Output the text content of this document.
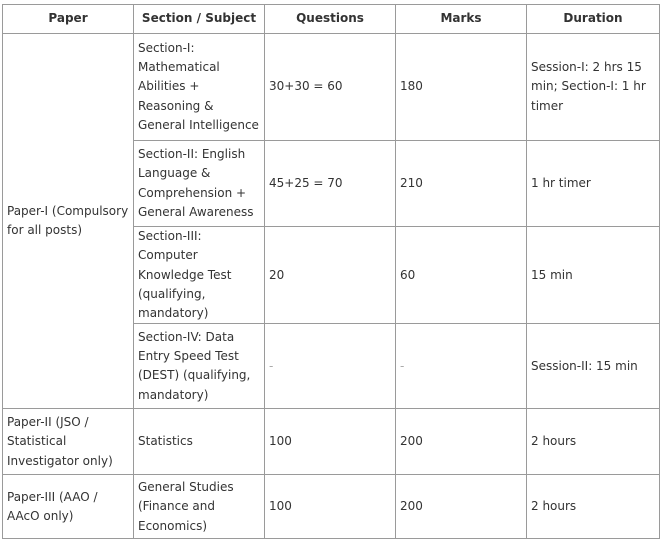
Paper	Section / Subject	Questions	Marks	Duration
Paper-I (Compulsory for all posts)	Section-I: Mathematical Abilities + Reasoning & General Intelligence	30+30 = 60	180	Session-I: 2 hrs 15 min; Section-I: 1 hr timer
	Section-II: English Language & Comprehension + General Awareness	45+25 = 70	210	1 hr timer
	Section-III: Computer Knowledge Test (qualifying, mandatory)	20	60	15 min
	Section-IV: Data Entry Speed Test (DEST) (qualifying, mandatory)	-	-	Session-II: 15 min
Paper-II (JSO / Statistical Investigator only)	Statistics	100	200	2 hours
Paper-III (AAO / AAcO only)	General Studies (Finance and Economics)	100	200	2 hours
